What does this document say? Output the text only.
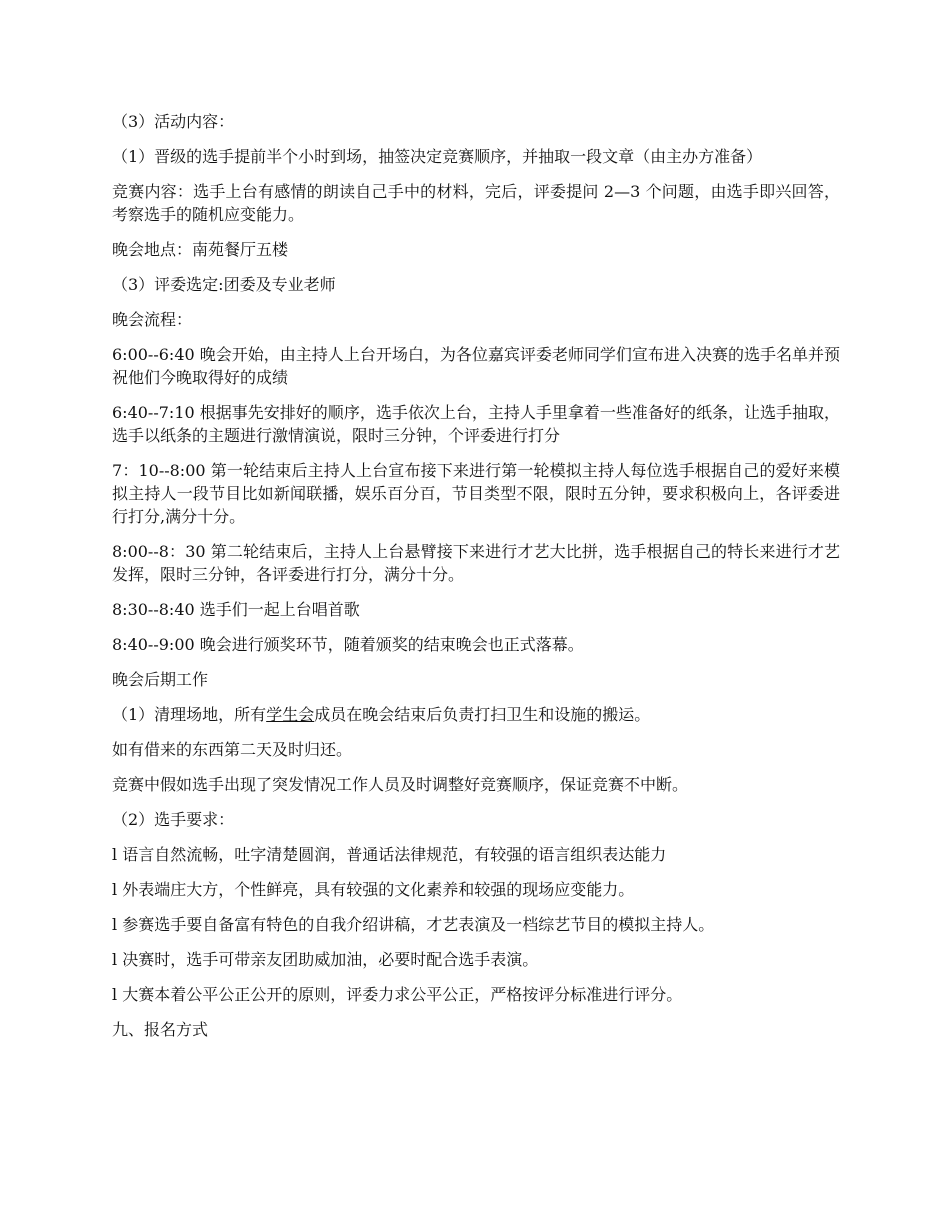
（3）活动内容：

（1）晋级的选手提前半个小时到场，抽签决定竞赛顺序，并抽取一段文章（由主办方准备）

竞赛内容：选手上台有感情的朗读自己手中的材料，完后，评委提问 2—3 个问题，由选手即兴回答，考察选手的随机应变能力。

晚会地点：南苑餐厅五楼

（3）评委选定:团委及专业老师

晚会流程：

6:00--6:40 晚会开始，由主持人上台开场白，为各位嘉宾评委老师同学们宣布进入决赛的选手名单并预祝他们今晚取得好的成绩

6:40--7:10 根据事先安排好的顺序，选手依次上台，主持人手里拿着一些准备好的纸条，让选手抽取，选手以纸条的主题进行激情演说，限时三分钟，个评委进行打分

7：10--8:00 第一轮结束后主持人上台宣布接下来进行第一轮模拟主持人每位选手根据自己的爱好来模拟主持人一段节目比如新闻联播，娱乐百分百，节目类型不限，限时五分钟，要求积极向上，各评委进行打分,满分十分。

8:00--8：30 第二轮结束后，主持人上台悬臂接下来进行才艺大比拼，选手根据自己的特长来进行才艺发挥，限时三分钟，各评委进行打分，满分十分。

8:30--8:40 选手们一起上台唱首歌

8:40--9:00 晚会进行颁奖环节，随着颁奖的结束晚会也正式落幕。

晚会后期工作

（1）清理场地，所有学生会成员在晚会结束后负责打扫卫生和设施的搬运。

如有借来的东西第二天及时归还。

竞赛中假如选手出现了突发情况工作人员及时调整好竞赛顺序，保证竞赛不中断。

（2）选手要求：

l 语言自然流畅，吐字清楚圆润，普通话法律规范，有较强的语言组织表达能力

l 外表端庄大方，个性鲜亮，具有较强的文化素养和较强的现场应变能力。

l 参赛选手要自备富有特色的自我介绍讲稿，才艺表演及一档综艺节目的模拟主持人。

l 决赛时，选手可带亲友团助威加油，必要时配合选手表演。

l 大赛本着公平公正公开的原则，评委力求公平公正，严格按评分标准进行评分。

九、报名方式
